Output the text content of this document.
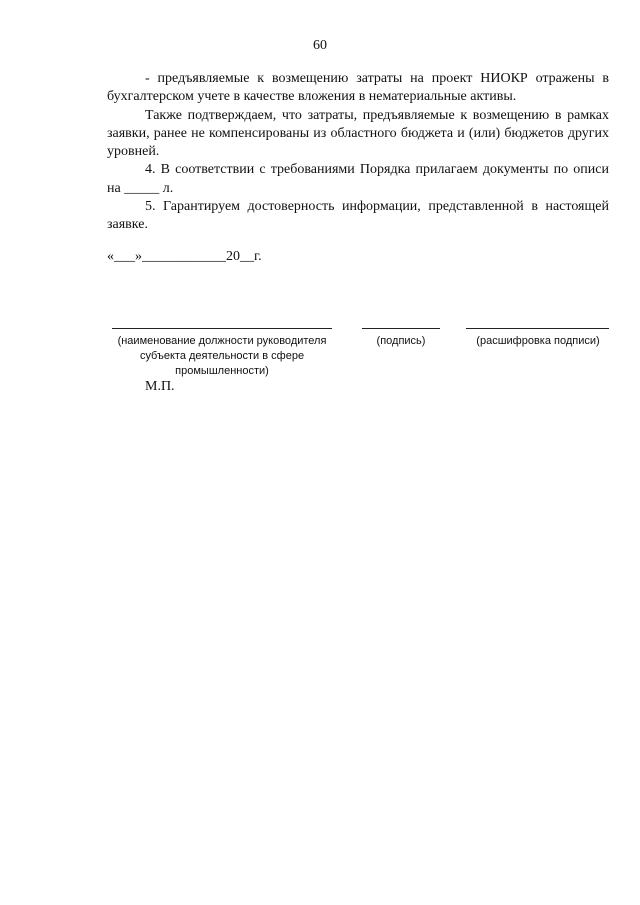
60

- предъявляемые к возмещению затраты на проект НИОКР отражены в бухгалтерском учете в качестве вложения в нематериальные активы.

Также подтверждаем, что затраты, предъявляемые к возмещению в рамках заявки, ранее не компенсированы из областного бюджета и (или) бюджетов других уровней.

4. В соответствии с требованиями Порядка прилагаем документы по описи на _____ л.

5. Гарантируем достоверность информации, представленной в настоящей заявке.

«___»____________20__г.
(наименование должности руководителя субъекта деятельности в сфере промышленности)
(подпись)	(расшифровка подписи)
М.П.
